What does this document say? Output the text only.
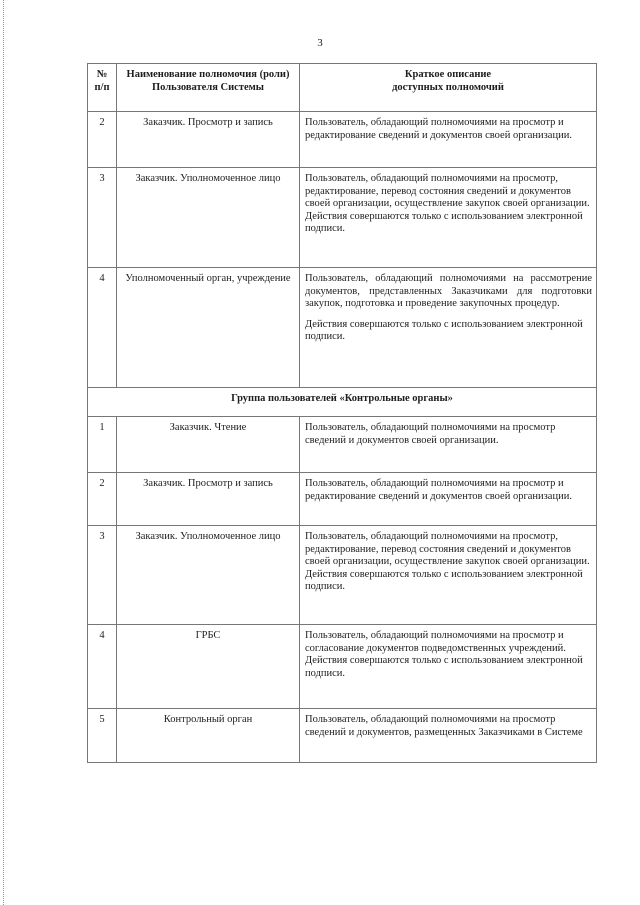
3
№ п/п	Наименование полномочия (роли) Пользователя Системы	Краткое описание
доступных полномочий

2	Заказчик. Просмотр и запись	Пользователь, обладающий полномочиями на просмотр и редактирование сведений и документов своей организации.
3	Заказчик. Уполномоченное лицо	Пользователь, обладающий полномочиями на просмотр, редактирование, перевод состояния сведений и документов своей организации, осуществление закупок своей организации. Действия совершаются только с использованием электронной подписи.
4	Уполномоченный орган, учреждение	Пользователь, обладающий полномочиями на рассмотрение документов, представленных Заказчиками для подготовки закупок, подготовка и проведение закупочных процедур.
Действия совершаются только с использованием электронной подписи.

Группа пользователей «Контрольные органы»		
1	Заказчик. Чтение	Пользователь, обладающий полномочиями на просмотр сведений и документов своей организации.
2	Заказчик. Просмотр и запись	Пользователь, обладающий полномочиями на просмотр и редактирование сведений и документов своей организации.
3	Заказчик. Уполномоченное лицо	Пользователь, обладающий полномочиями на просмотр, редактирование, перевод состояния сведений и документов своей организации, осуществление закупок своей организации. Действия совершаются только с использованием электронной подписи.
4	ГРБС	Пользователь, обладающий полномочиями на просмотр и согласование документов подведомственных учреждений. Действия совершаются только с использованием электронной подписи.
5	Контрольный орган	Пользователь, обладающий полномочиями на просмотр сведений и документов, размещенных Заказчиками в Системе
